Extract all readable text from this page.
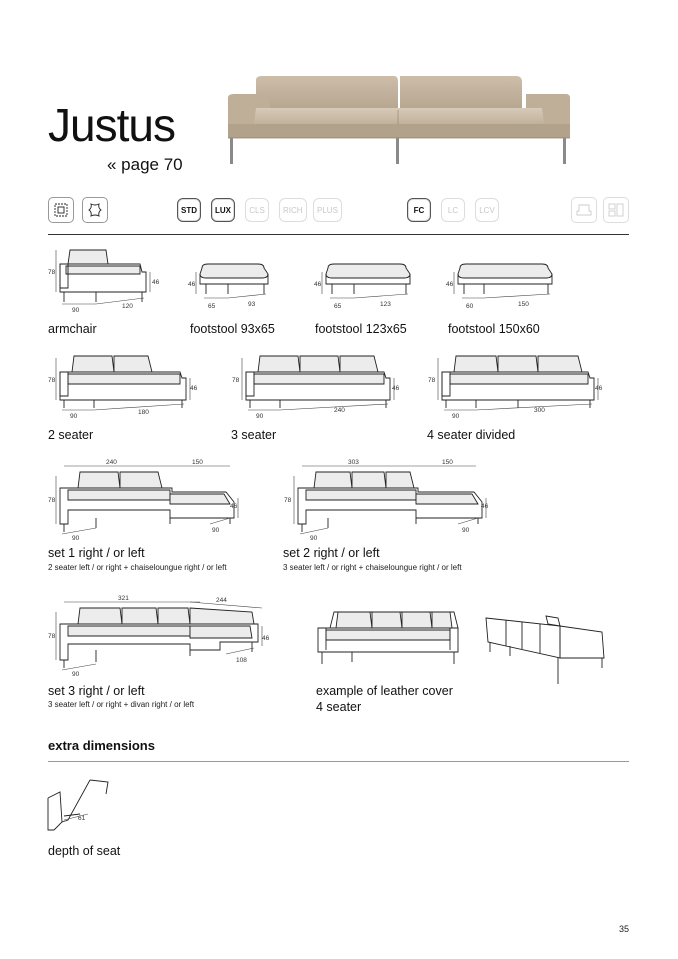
Justus
« page 70
STD	LUX	CLS	RICH	PLUS	FC	LC	LCV
78
46
90
120
armchair
46
65	93
footstool 93x65
46
65	123
footstool 123x65
46
60	150
footstool 150x60
78
46
90
180
2 seater
78
46
90
240
3 seater
78
46
90
300
4 seater divided
240	150
78
46
90
90
set 1 right / or left
2 seater left / or right + chaiseloungue right / or left
303	150
78
46
90
90
set 2 right / or left
3 seater left / or right + chaiseloungue right / or left
321	244
78	46
90
108
set 3 right / or left
3 seater left / or right + divan right / or left
example of leather cover
4 seater
extra dimensions
61
depth of seat
35
